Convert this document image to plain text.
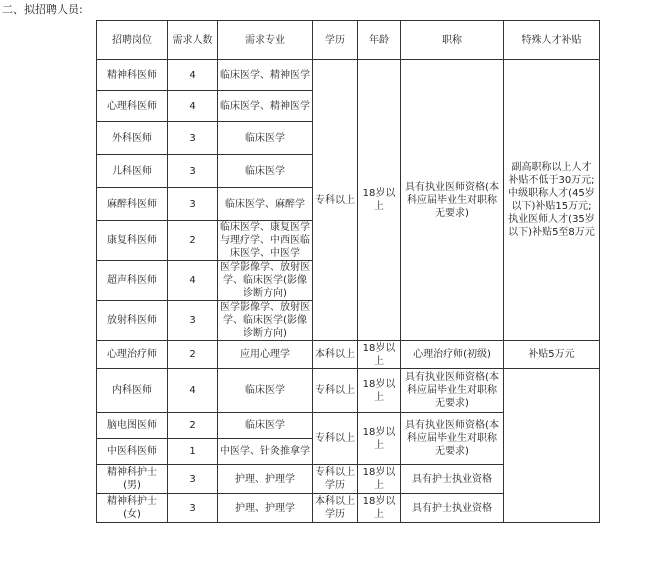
二、拟招聘人员:
招聘岗位	需求人数	需求专业	学历	年龄	职称	特殊人才补贴
精神科医师	4	临床医学、精神医学	专科以上	18岁以上	具有执业医师资格(本科应届毕业生对职称无要求)	副高职称以上人才补贴不低于30万元;中级职称人才(45岁以下)补贴15万元;执业医师人才(35岁以下)补贴5至8万元
心理科医师	4	临床医学、精神医学				
外科医师	3	临床医学				
儿科医师	3	临床医学				
麻醉科医师	3	临床医学、麻醉学				
康复科医师	2	临床医学、康复医学与理疗学、中西医临床医学、中医学				
超声科医师	4	医学影像学、放射医学、临床医学(影像诊断方向)				
放射科医师	3	医学影像学、放射医学、临床医学(影像诊断方向)				
心理治疗师	2	应用心理学	本科以上	18岁以上	心理治疗师(初级)	补贴5万元
内科医师	4	临床医学	专科以上	18岁以上	具有执业医师资格(本科应届毕业生对职称无要求)	
脑电图医师	2	临床医学	专科以上	18岁以上	具有执业医师资格(本科应届毕业生对职称无要求)	
中医科医师	1	中医学、针灸推拿学				
精神科护士(男)	3	护理、护理学	专科以上学历	18岁以上	具有护士执业资格	
精神科护士(女)	3	护理、护理学	本科以上学历	18岁以上	具有护士执业资格	
